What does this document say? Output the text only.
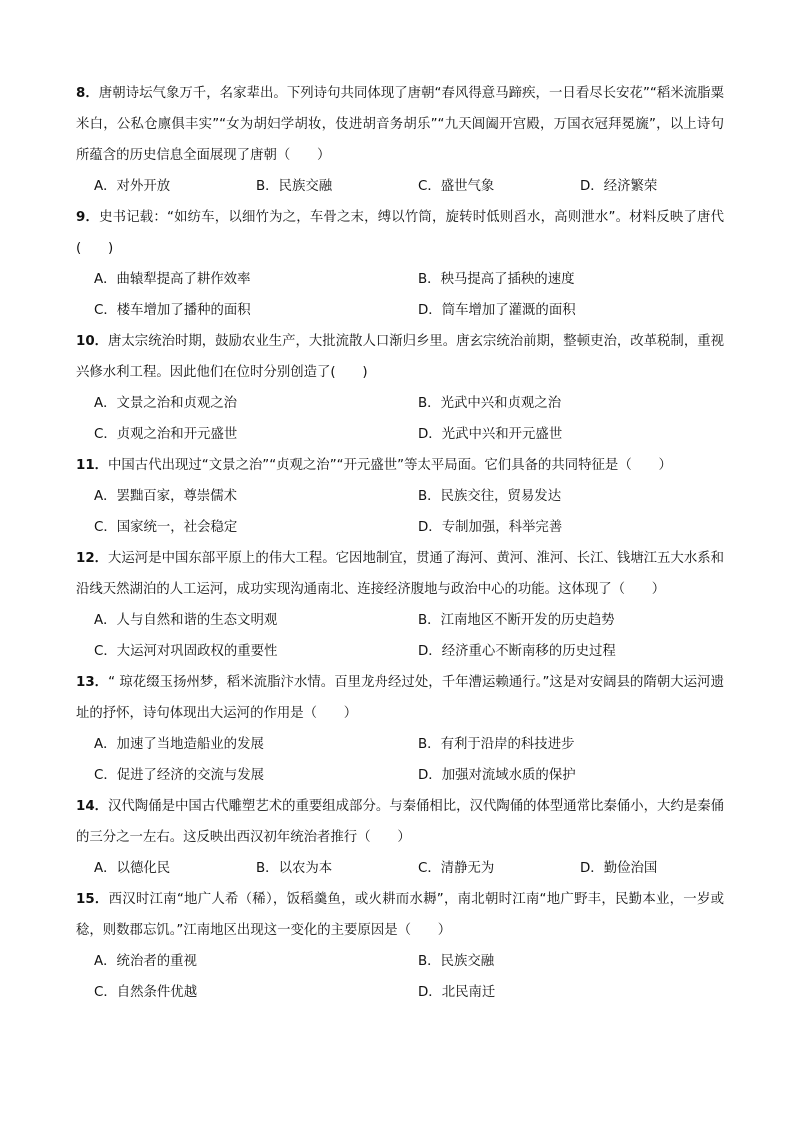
8．唐朝诗坛气象万千，名家辈出。下列诗句共同体现了唐朝“春风得意马蹄疾，一日看尽长安花”“稻米流脂粟米白，公私仓廪俱丰实”“女为胡妇学胡妆，伎进胡音务胡乐”“九天阊阖开宫殿，万国衣冠拜冕旒”，以上诗句所蕴含的历史信息全面展现了唐朝（　　）
A．对外开放	B．民族交融	C．盛世气象	D．经济繁荣
9．史书记载：“如纺车，以细竹为之，车骨之末，缚以竹筒，旋转时低则舀水，高则泄水”。材料反映了唐代(　　)
A．曲辕犁提高了耕作效率	B．秧马提高了插秧的速度
C．楼车增加了播种的面积	D．筒车增加了灌溉的面积
10．唐太宗统治时期，鼓励农业生产，大批流散人口渐归乡里。唐玄宗统治前期，整顿吏治，改革税制，重视兴修水利工程。因此他们在位时分别创造了(　　)
A．文景之治和贞观之治	B．光武中兴和贞观之治
C．贞观之治和开元盛世	D．光武中兴和开元盛世
11．中国古代出现过“文景之治”“贞观之治”“开元盛世”等太平局面。它们具备的共同特征是（　　）
A．罢黜百家，尊崇儒术	B．民族交往，贸易发达
C．国家统一，社会稳定	D．专制加强，科举完善
12．大运河是中国东部平原上的伟大工程。它因地制宜，贯通了海河、黄河、淮河、长江、钱塘江五大水系和沿线天然湖泊的人工运河，成功实现沟通南北、连接经济腹地与政治中心的功能。这体现了（　　）
A．人与自然和谐的生态文明观	B．江南地区不断开发的历史趋势
C．大运河对巩固政权的重要性	D．经济重心不断南移的历史过程
13．“ 琼花缀玉扬州梦，稻米流脂汴水情。百里龙舟经过处，千年漕运赖通行。”这是对安阔县的隋朝大运河遗址的抒怀，诗句体现出大运河的作用是（　　）
A．加速了当地造船业的发展	B．有利于沿岸的科技进步
C．促进了经济的交流与发展	D．加强对流域水质的保护
14．汉代陶俑是中国古代雕塑艺术的重要组成部分。与秦俑相比，汉代陶俑的体型通常比秦俑小，大约是秦俑的三分之一左右。这反映出西汉初年统治者推行（　　）
A．以德化民	B．以农为本	C．清静无为	D．勤俭治国
15．西汉时江南“地广人希（稀），饭稻羹鱼，或火耕而水耨”，南北朝时江南“地广野丰，民勤本业，一岁或稔，则数郡忘饥。”江南地区出现这一变化的主要原因是（　　）
A．统治者的重视	B．民族交融
C．自然条件优越	D．北民南迁
